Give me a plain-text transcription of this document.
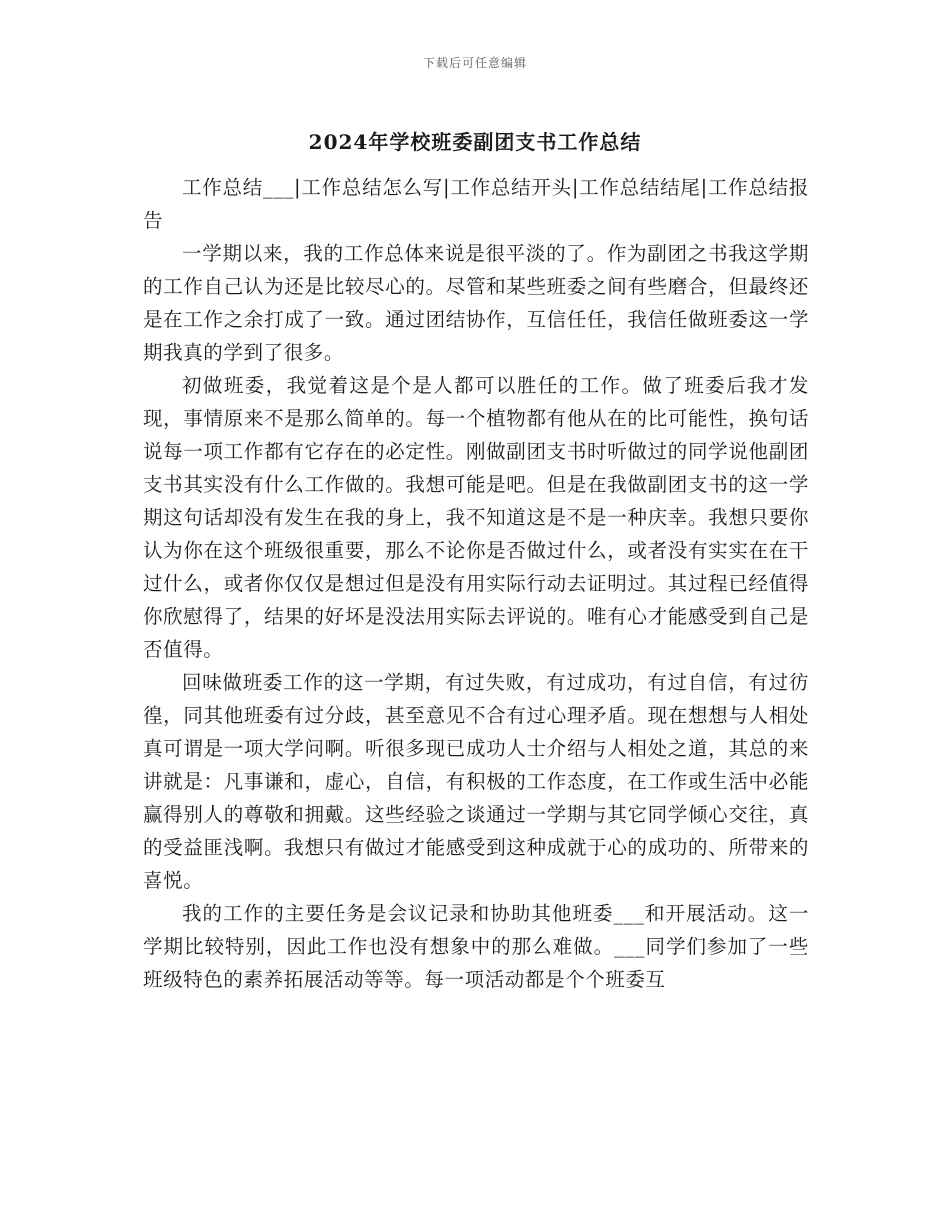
下载后可任意编辑
2024年学校班委副团支书工作总结

工作总结___|工作总结怎么写|工作总结开头|工作总结结尾|工作总结报告

一学期以来，我的工作总体来说是很平淡的了。作为副团之书我这学期的工作自己认为还是比较尽心的。尽管和某些班委之间有些磨合，但最终还是在工作之余打成了一致。通过团结协作，互信任任，我信任做班委这一学期我真的学到了很多。

初做班委，我觉着这是个是人都可以胜任的工作。做了班委后我才发现，事情原来不是那么简单的。每一个植物都有他从在的比可能性，换句话说每一项工作都有它存在的必定性。刚做副团支书时听做过的同学说他副团支书其实没有什么工作做的。我想可能是吧。但是在我做副团支书的这一学期这句话却没有发生在我的身上，我不知道这是不是一种庆幸。我想只要你认为你在这个班级很重要，那么不论你是否做过什么，或者没有实实在在干过什么，或者你仅仅是想过但是没有用实际行动去证明过。其过程已经值得你欣慰得了，结果的好坏是没法用实际去评说的。唯有心才能感受到自己是否值得。

回味做班委工作的这一学期，有过失败，有过成功，有过自信，有过彷徨，同其他班委有过分歧，甚至意见不合有过心理矛盾。现在想想与人相处真可谓是一项大学问啊。听很多现已成功人士介绍与人相处之道，其总的来讲就是：凡事谦和，虚心，自信，有积极的工作态度，在工作或生活中必能赢得别人的尊敬和拥戴。这些经验之谈通过一学期与其它同学倾心交往，真的受益匪浅啊。我想只有做过才能感受到这种成就于心的成功的、所带来的喜悦。

我的工作的主要任务是会议记录和协助其他班委___和开展活动。这一学期比较特别，因此工作也没有想象中的那么难做。___同学们参加了一些班级特色的素养拓展活动等等。每一项活动都是个个班委互
